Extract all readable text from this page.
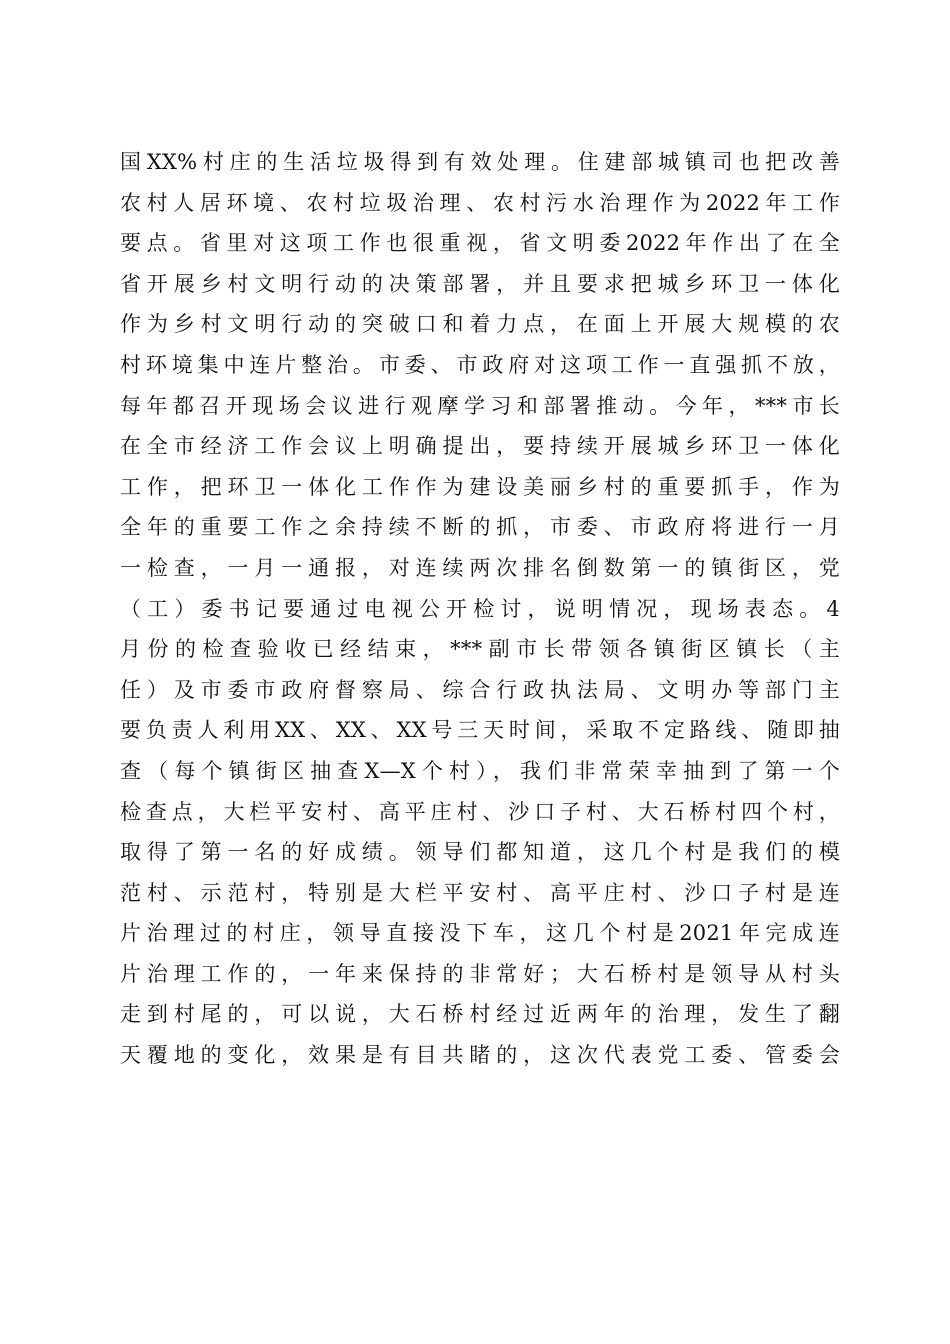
国XX%村庄的生活垃圾得到有效处理。住建部城镇司也把改善
农村人居环境、农村垃圾治理、农村污水治理作为2022年工作
要点。省里对这项工作也很重视，省文明委2022年作出了在全
省开展乡村文明行动的决策部署，并且要求把城乡环卫一体化
作为乡村文明行动的突破口和着力点，在面上开展大规模的农
村环境集中连片整治。市委、市政府对这项工作一直强抓不放，
每年都召开现场会议进行观摩学习和部署推动。今年，***市长
在全市经济工作会议上明确提出，要持续开展城乡环卫一体化
工作，把环卫一体化工作作为建设美丽乡村的重要抓手，作为
全年的重要工作之余持续不断的抓，市委、市政府将进行一月
一检查，一月一通报，对连续两次排名倒数第一的镇街区，党
（工）委书记要通过电视公开检讨，说明情况，现场表态。4
月份的检查验收已经结束，***副市长带领各镇街区镇长（主
任）及市委市政府督察局、综合行政执法局、文明办等部门主
要负责人利用XX、XX、XX号三天时间，采取不定路线、随即抽
查（每个镇街区抽查X—X个村），我们非常荣幸抽到了第一个
检查点，大栏平安村、高平庄村、沙口子村、大石桥村四个村，
取得了第一名的好成绩。领导们都知道，这几个村是我们的模
范村、示范村，特别是大栏平安村、高平庄村、沙口子村是连
片治理过的村庄，领导直接没下车，这几个村是2021年完成连
片治理工作的，一年来保持的非常好；大石桥村是领导从村头
走到村尾的，可以说，大石桥村经过近两年的治理，发生了翻
天覆地的变化，效果是有目共睹的，这次代表党工委、管委会
